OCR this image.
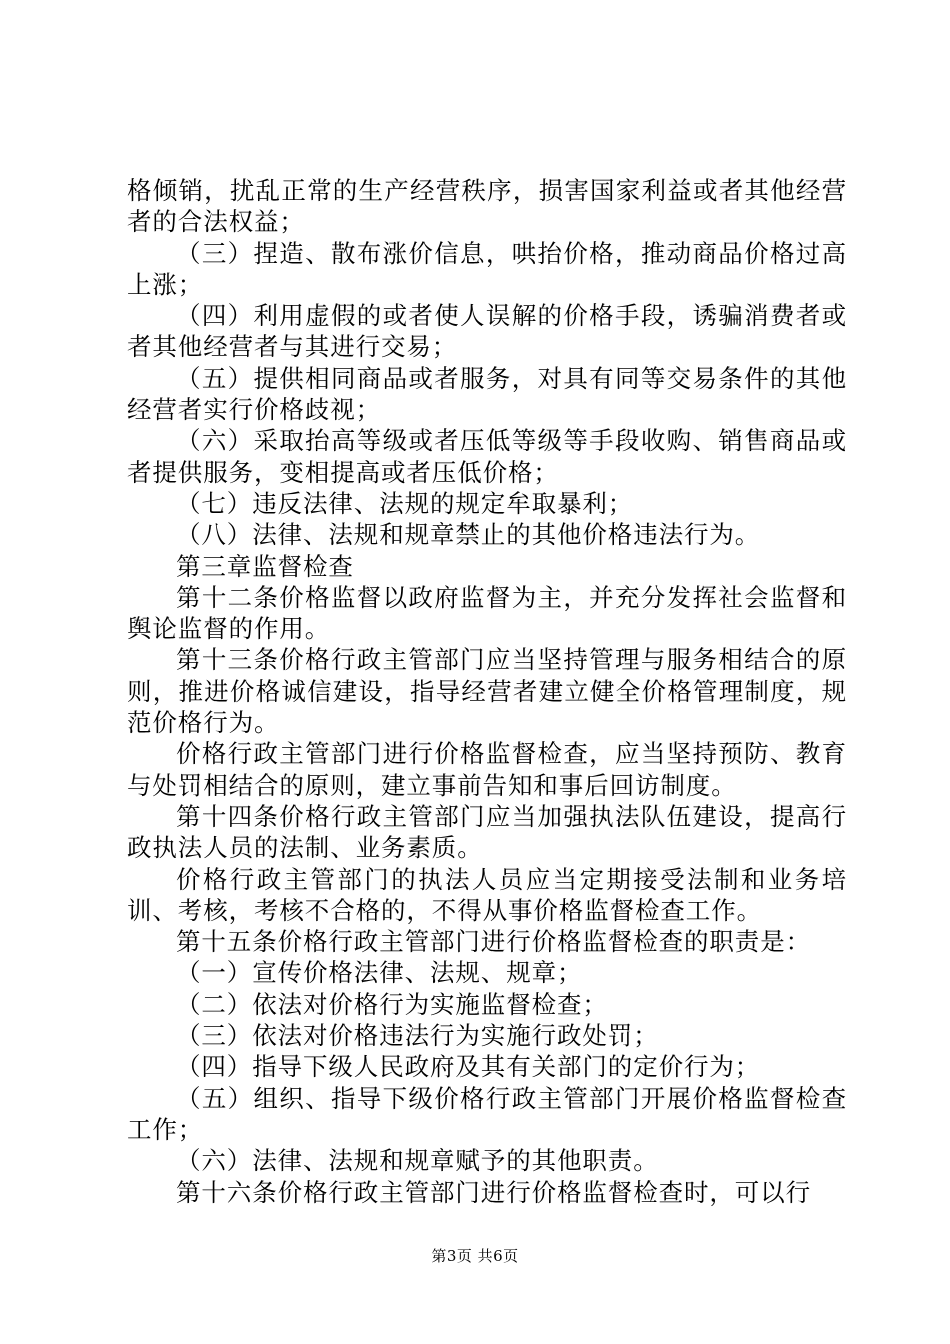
格倾销，扰乱正常的生产经营秩序，损害国家利益或者其他经营者的合法权益；

（三）捏造、散布涨价信息，哄抬价格，推动商品价格过高上涨；

（四）利用虚假的或者使人误解的价格手段，诱骗消费者或者其他经营者与其进行交易；

（五）提供相同商品或者服务，对具有同等交易条件的其他经营者实行价格歧视；

（六）采取抬高等级或者压低等级等手段收购、销售商品或者提供服务，变相提高或者压低价格；

（七）违反法律、法规的规定牟取暴利；

（八）法律、法规和规章禁止的其他价格违法行为。

第三章监督检查

第十二条价格监督以政府监督为主，并充分发挥社会监督和舆论监督的作用。

第十三条价格行政主管部门应当坚持管理与服务相结合的原则，推进价格诚信建设，指导经营者建立健全价格管理制度，规范价格行为。

价格行政主管部门进行价格监督检查，应当坚持预防、教育与处罚相结合的原则，建立事前告知和事后回访制度。

第十四条价格行政主管部门应当加强执法队伍建设，提高行政执法人员的法制、业务素质。

价格行政主管部门的执法人员应当定期接受法制和业务培训、考核，考核不合格的，不得从事价格监督检查工作。

第十五条价格行政主管部门进行价格监督检查的职责是：

（一）宣传价格法律、法规、规章；

（二）依法对价格行为实施监督检查；

（三）依法对价格违法行为实施行政处罚；

（四）指导下级人民政府及其有关部门的定价行为；

（五）组织、指导下级价格行政主管部门开展价格监督检查工作；

（六）法律、法规和规章赋予的其他职责。

第十六条价格行政主管部门进行价格监督检查时，可以行

第3页 共6页
